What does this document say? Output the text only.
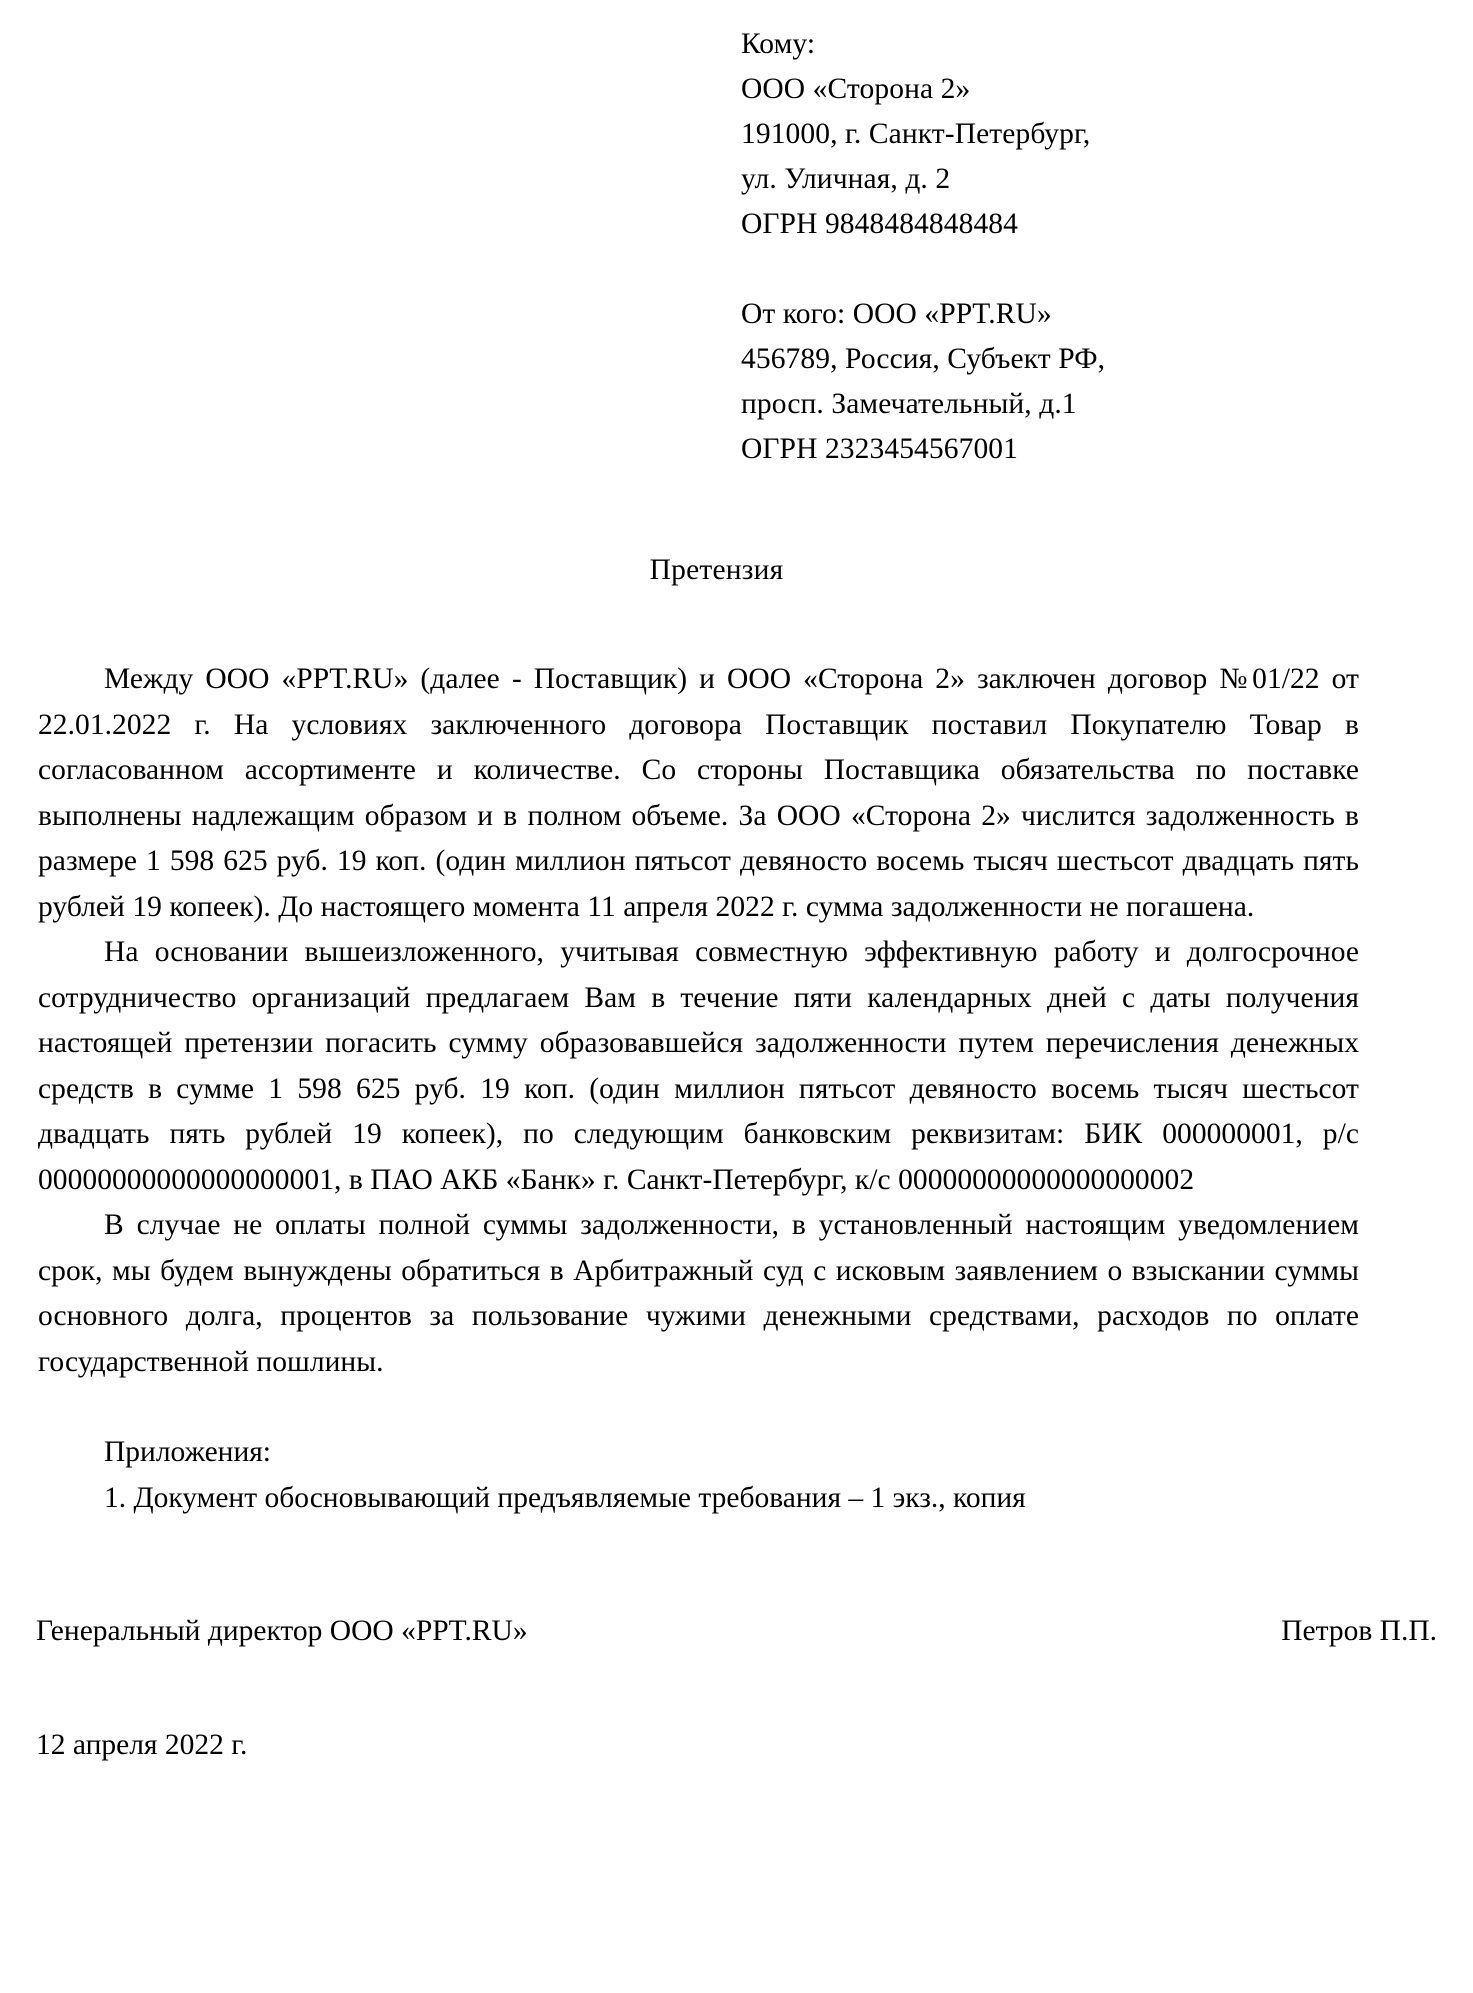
Кому:
ООО «Сторона 2»
191000, г. Санкт-Петербург,
ул. Уличная, д. 2
ОГРН 9848484848484
От кого: ООО «PPT.RU»
456789, Россия, Субъект РФ,
просп. Замечательный, д.1
ОГРН 2323454567001
Претензия

Между ООО «PPT.RU» (далее - Поставщик) и ООО «Сторона 2» заключен договор №01/22 от 22.01.2022 г. На условиях заключенного договора Поставщик поставил Покупателю Товар в согласованном ассортименте и количестве. Со стороны Поставщика обязательства по поставке выполнены надлежащим образом и в полном объеме. За ООО «Сторона 2» числится задолженность в размере 1 598 625 руб. 19 коп. (один миллион пятьсот девяносто восемь тысяч шестьсот двадцать пять рублей 19 копеек). До настоящего момента 11 апреля 2022 г. сумма задолженности не погашена.

На основании вышеизложенного, учитывая совместную эффективную работу и долгосрочное сотрудничество организаций предлагаем Вам в течение пяти календарных дней с даты получения настоящей претензии погасить сумму образовавшейся задолженности путем перечисления денежных средств в сумме 1 598 625 руб. 19 коп. (один миллион пятьсот девяносто восемь тысяч шестьсот двадцать пять рублей 19 копеек), по следующим банковским реквизитам: БИК 000000001, р/с 00000000000000000001, в ПАО АКБ «Банк» г. Санкт-Петербург, к/с 00000000000000000002

В случае не оплаты полной суммы задолженности, в установленный настоящим уведомлением срок, мы будем вынуждены обратиться в Арбитражный суд с исковым заявлением о взыскании суммы основного долга, процентов за пользование чужими денежными средствами, расходов по оплате государственной пошлины.

Приложения:
1. Документ обосновывающий предъявляемые требования – 1 экз., копия
Генеральный директор ООО «PPT.RU»	Петров П.П.
12 апреля 2022 г.
